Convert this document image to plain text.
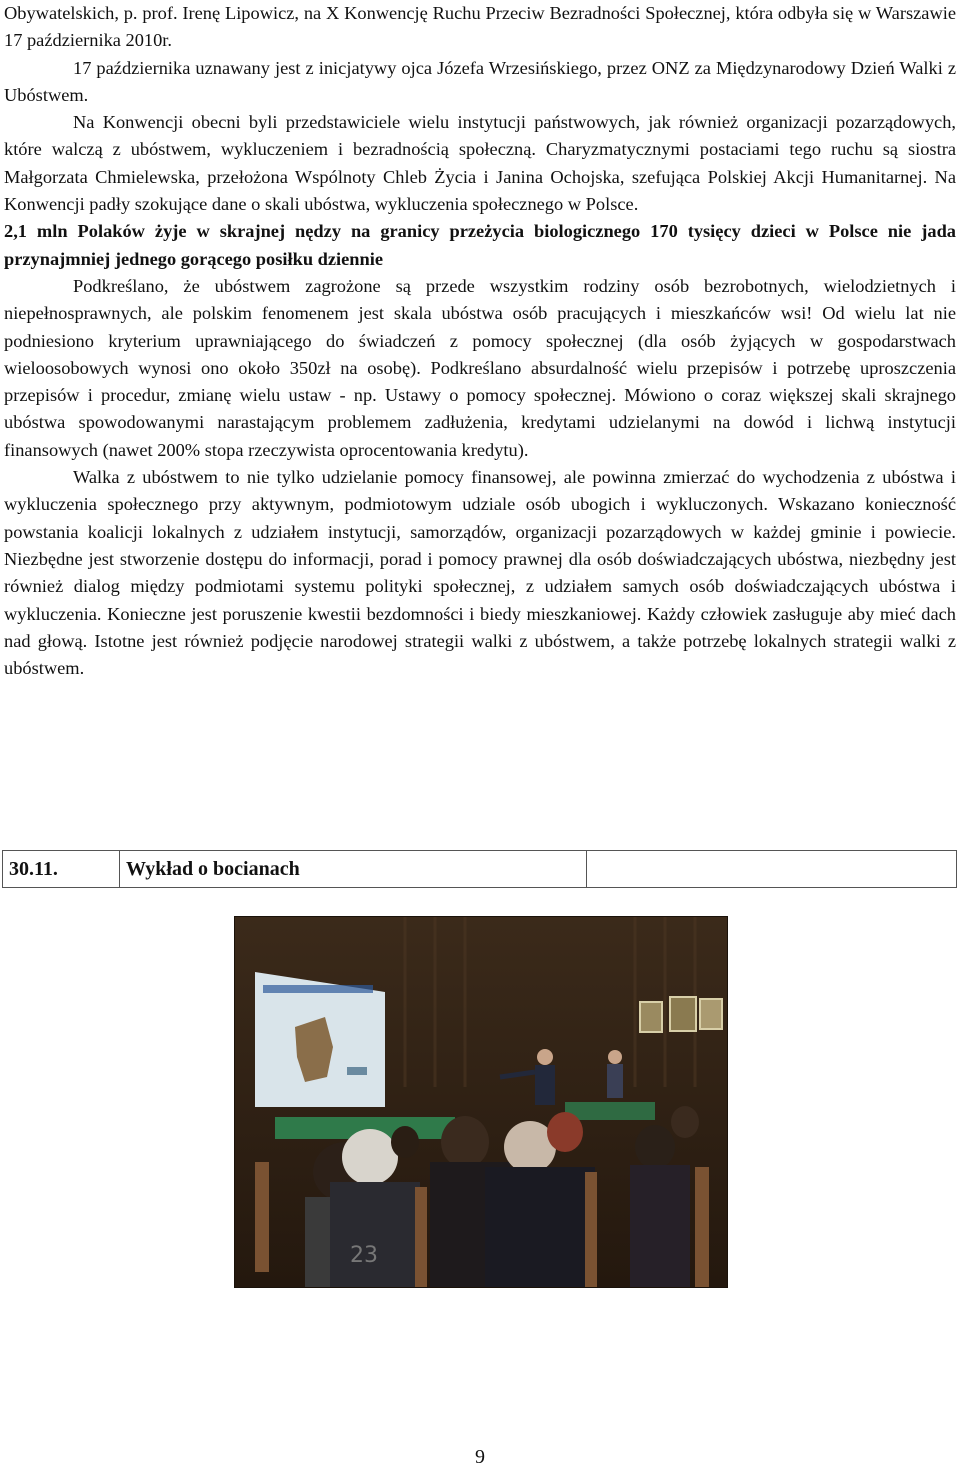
Obywatelskich, p. prof. Irenę Lipowicz, na X Konwencję Ruchu Przeciw Bezradności Społecznej, która odbyła się w Warszawie 17 października 2010r.

17 października uznawany jest z inicjatywy ojca Józefa Wrzesińskiego, przez ONZ za Międzynarodowy Dzień Walki z Ubóstwem.

Na Konwencji obecni byli przedstawiciele wielu instytucji państwowych, jak również organizacji pozarządowych, które walczą z ubóstwem, wykluczeniem i bezradnością społeczną. Charyzmatycznymi postaciami tego ruchu są siostra Małgorzata Chmielewska, przełożona Wspólnoty Chleb Życia i Janina Ochojska, szefująca Polskiej Akcji Humanitarnej. Na Konwencji padły szokujące dane o skali ubóstwa, wykluczenia społecznego w Polsce.

2,1 mln Polaków żyje w skrajnej nędzy na granicy przeżycia biologicznego 170 tysięcy dzieci w Polsce nie jada przynajmniej jednego gorącego posiłku dziennie

Podkreślano, że ubóstwem zagrożone są przede wszystkim rodziny osób bezrobotnych, wielodzietnych i niepełnosprawnych, ale polskim fenomenem jest skala ubóstwa osób pracujących i mieszkańców wsi! Od wielu lat nie podniesiono kryterium uprawniającego do świadczeń z pomocy społecznej (dla osób żyjących w gospodarstwach wieloosobowych wynosi ono około 350zł na osobę). Podkreślano absurdalność wielu przepisów i potrzebę uproszczenia przepisów i procedur, zmianę wielu ustaw - np. Ustawy o pomocy społecznej. Mówiono o coraz większej skali skrajnego ubóstwa spowodowanymi narastającym problemem zadłużenia, kredytami udzielanymi na dowód i lichwą instytucji finansowych (nawet 200% stopa rzeczywista oprocentowania kredytu).

Walka z ubóstwem to nie tylko udzielanie pomocy finansowej, ale powinna zmierzać do wychodzenia z ubóstwa i wykluczenia społecznego przy aktywnym, podmiotowym udziale osób ubogich i wykluczonych. Wskazano konieczność powstania koalicji lokalnych z udziałem instytucji, samorządów, organizacji pozarządowych w każdej gminie i powiecie. Niezbędne jest stworzenie dostępu do informacji, porad i pomocy prawnej dla osób doświadczających ubóstwa, niezbędny jest również dialog między podmiotami systemu polityki społecznej, z udziałem samych osób doświadczających ubóstwa i wykluczenia. Konieczne jest poruszenie kwestii bezdomności i biedy mieszkaniowej. Każdy człowiek zasługuje aby mieć dach nad głową. Istotne jest również podjęcie narodowej strategii walki z ubóstwem, a także potrzebę lokalnych strategii walki z ubóstwem.

30.11.	Wykład o bocianach	
23
9
